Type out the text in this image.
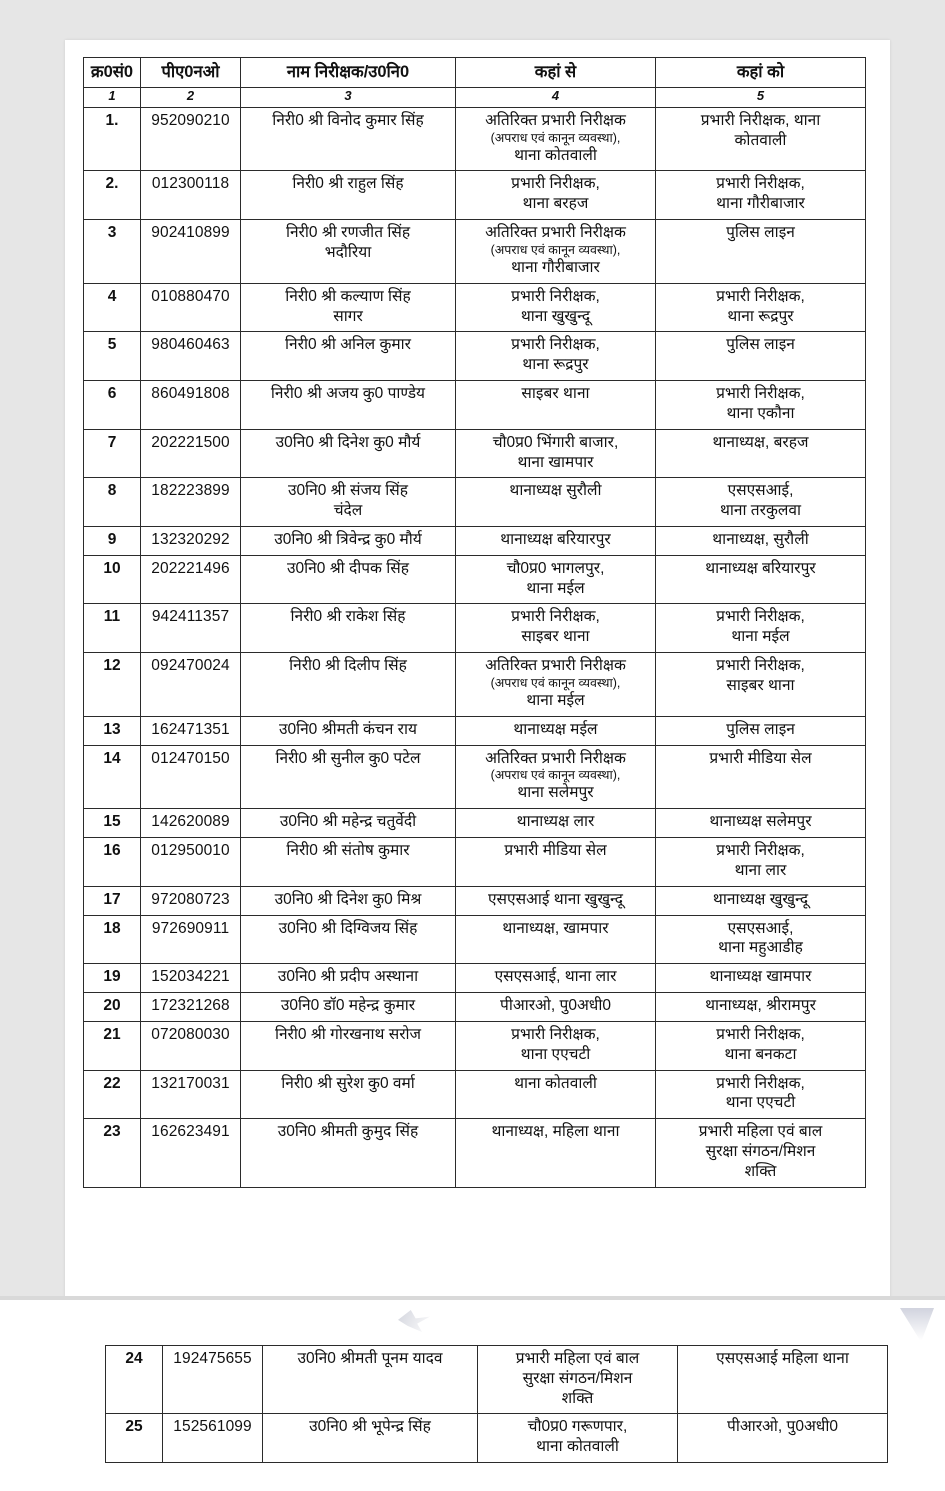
क्र0सं0	पीए0नओ	नाम निरीक्षक/उ0नि0	कहां से	कहां को
1	2	3	4	5
1.	952090210	निरी0 श्री विनोद कुमार सिंह	अतिरिक्त प्रभारी निरीक्षक
(अपराध एवं कानून व्यवस्था),
थाना कोतवाली	प्रभारी निरीक्षक, थाना
कोतवाली

2.	012300118	निरी0 श्री राहुल सिंह	प्रभारी निरीक्षक,
थाना बरहज	प्रभारी निरीक्षक,
थाना गौरीबाजार

3	902410899	निरी0 श्री रणजीत सिंह
भदौरिया	अतिरिक्त प्रभारी निरीक्षक
(अपराध एवं कानून व्यवस्था),
थाना गौरीबाजार	पुलिस लाइन

4	010880470	निरी0 श्री कल्याण सिंह
सागर	प्रभारी निरीक्षक,
थाना खुखुन्दू	प्रभारी निरीक्षक,
थाना रूद्रपुर

5	980460463	निरी0 श्री अनिल कुमार	प्रभारी निरीक्षक,
थाना रूद्रपुर	पुलिस लाइन

6	860491808	निरी0 श्री अजय कु0 पाण्डेय	साइबर थाना	प्रभारी निरीक्षक,
थाना एकौना

7	202221500	उ0नि0 श्री दिनेश कु0 मौर्य	चौ0प्र0 भिंगारी बाजार,
थाना खामपार	थानाध्यक्ष, बरहज

8	182223899	उ0नि0 श्री संजय सिंह
चंदेल	थानाध्यक्ष सुरौली	एसएसआई,
थाना तरकुलवा

9	132320292	उ0नि0 श्री त्रिवेन्द्र कु0 मौर्य	थानाध्यक्ष बरियारपुर	थानाध्यक्ष, सुरौली

10	202221496	उ0नि0 श्री दीपक सिंह	चौ0प्र0 भागलपुर,
थाना मईल	थानाध्यक्ष बरियारपुर

11	942411357	निरी0 श्री राकेश सिंह	प्रभारी निरीक्षक,
साइबर थाना	प्रभारी निरीक्षक,
थाना मईल

12	092470024	निरी0 श्री दिलीप सिंह	अतिरिक्त प्रभारी निरीक्षक
(अपराध एवं कानून व्यवस्था),
थाना मईल	प्रभारी निरीक्षक,
साइबर थाना

13	162471351	उ0नि0 श्रीमती कंचन राय	थानाध्यक्ष मईल	पुलिस लाइन

14	012470150	निरी0 श्री सुनील कु0 पटेल	अतिरिक्त प्रभारी निरीक्षक
(अपराध एवं कानून व्यवस्था),
थाना सलेमपुर	प्रभारी मीडिया सेल

15	142620089	उ0नि0 श्री महेन्द्र चतुर्वेदी	थानाध्यक्ष लार	थानाध्यक्ष सलेमपुर

16	012950010	निरी0 श्री संतोष कुमार	प्रभारी मीडिया सेल	प्रभारी निरीक्षक,
थाना लार

17	972080723	उ0नि0 श्री दिनेश कु0 मिश्र	एसएसआई थाना खुखुन्दू	थानाध्यक्ष खुखुन्दू

18	972690911	उ0नि0 श्री दिग्विजय सिंह	थानाध्यक्ष, खामपार	एसएसआई,
थाना महुआडीह

19	152034221	उ0नि0 श्री प्रदीप अस्थाना	एसएसआई, थाना लार	थानाध्यक्ष खामपार

20	172321268	उ0नि0 डॉ0 महेन्द्र कुमार	पीआरओ, पु0अधी0	थानाध्यक्ष, श्रीरामपुर

21	072080030	निरी0 श्री गोरखनाथ सरोज	प्रभारी निरीक्षक,
थाना एएचटी	प्रभारी निरीक्षक,
थाना बनकटा

22	132170031	निरी0 श्री सुरेश कु0 वर्मा	थाना कोतवाली	प्रभारी निरीक्षक,
थाना एएचटी

23	162623491	उ0नि0 श्रीमती कुमुद सिंह	थानाध्यक्ष, महिला थाना	प्रभारी महिला एवं बाल
सुरक्षा संगठन/मिशन
शक्ति
24	192475655	उ0नि0 श्रीमती पूनम यादव	प्रभारी महिला एवं बाल
सुरक्षा संगठन/मिशन
शक्ति	एसएसआई महिला थाना

25	152561099	उ0नि0 श्री भूपेन्द्र सिंह	चौ0प्र0 गरूणपार,
थाना कोतवाली	पीआरओ, पु0अधी0
